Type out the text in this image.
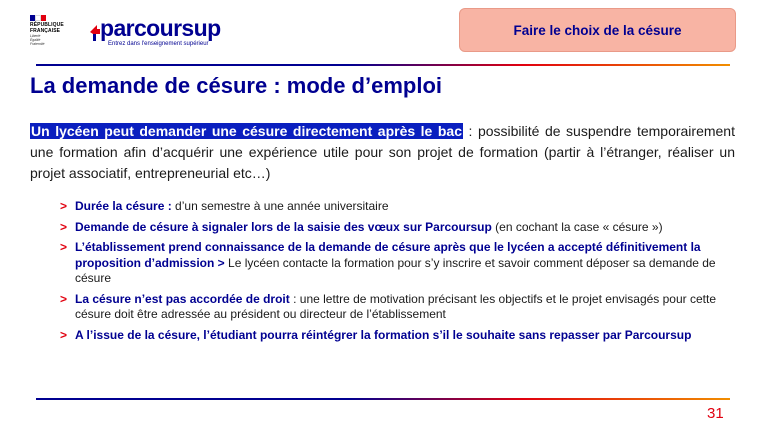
RÉPUBLIQUE
FRANÇAISE
Liberté
Égalité
Fraternité
parcoursup
Entrez dans l'enseignement supérieur
Faire le choix de la césure
La demande de césure : mode d’emploi
Un lycéen peut demander une césure directement après le bac : possibilité de suspendre temporairement une formation afin d’acquérir une expérience utile pour son projet de formation (partir à l’étranger, réaliser un projet associatif, entrepreneurial etc…)
> Durée la césure : d’un semestre à une année universitaire
> Demande de césure à signaler lors de la saisie des vœux sur Parcoursup (en cochant la case « césure »)
> L’établissement prend connaissance de la demande de césure après que le lycéen a accepté définitivement la proposition d’admission > Le lycéen contacte la formation pour s’y inscrire et savoir comment déposer sa demande de césure
> La césure n’est pas accordée de droit : une lettre de motivation précisant les objectifs et le projet envisagés pour cette césure doit être adressée au président ou directeur de l’établissement
> A l’issue de la césure, l’étudiant pourra réintégrer la formation s’il le souhaite sans repasser par Parcoursup
31
